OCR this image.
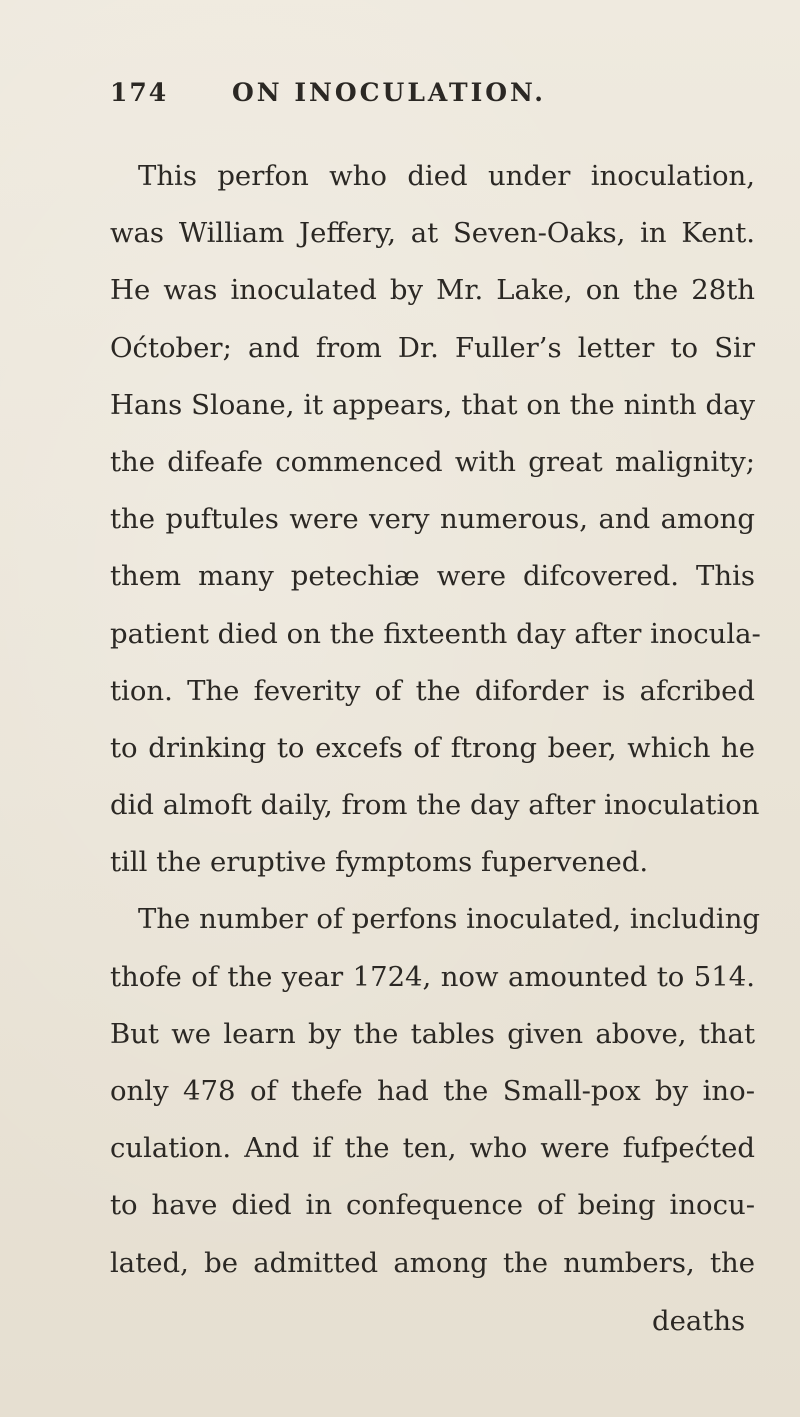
174	ON INOCULATION.
This perfon who died under inoculation,
was William Jeffery, at Seven-Oaks, in Kent.
He was inoculated by Mr. Lake, on the 28th
Oćtober; and from Dr. Fuller’s letter to Sir
Hans Sloane, it appears, that on the ninth day
the difeafe commenced with great malignity;
the puftules were very numerous, and among
them many petechiæ were difcovered. This
patient died on the fixteenth day after inocula-
tion. The feverity of the diforder is afcribed
to drinking to excefs of ftrong beer, which he
did almoft daily, from the day after inoculation
till the eruptive fymptoms fupervened.
The number of perfons inoculated, including
thofe of the year 1724, now amounted to 514.
But we learn by the tables given above, that
only 478 of thefe had the Small-pox by ino-
culation. And if the ten, who were fufpećted
to have died in confequence of being inocu-
lated, be admitted among the numbers, the
deaths
